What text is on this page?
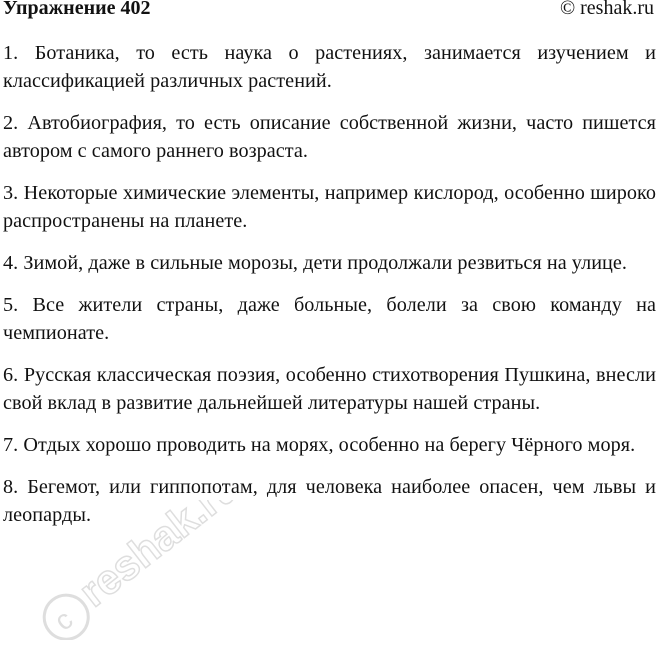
Упражнение 402	© reshak.ru

1. Ботаника, то есть наука о растениях, занимается изучением и классификацией различных растений.

2. Автобиография, то есть описание собственной жизни, часто пишется автором с самого раннего возраста.

3. Некоторые химические элементы, например кислород, особенно широко распространены на планете.

4. Зимой, даже в сильные морозы, дети продолжали резвиться на улице.

5. Все жители страны, даже больные, болели за свою команду на чемпионате.

6. Русская классическая поэзия, особенно стихотворения Пушкина, внесли свой вклад в развитие дальнейшей литературы нашей страны.

7. Отдых хорошо проводить на морях, особенно на берегу Чёрного моря.

8. Бегемот, или гиппопотам, для человека наиболее опасен, чем львы и леопарды.

c
reshak.ru
